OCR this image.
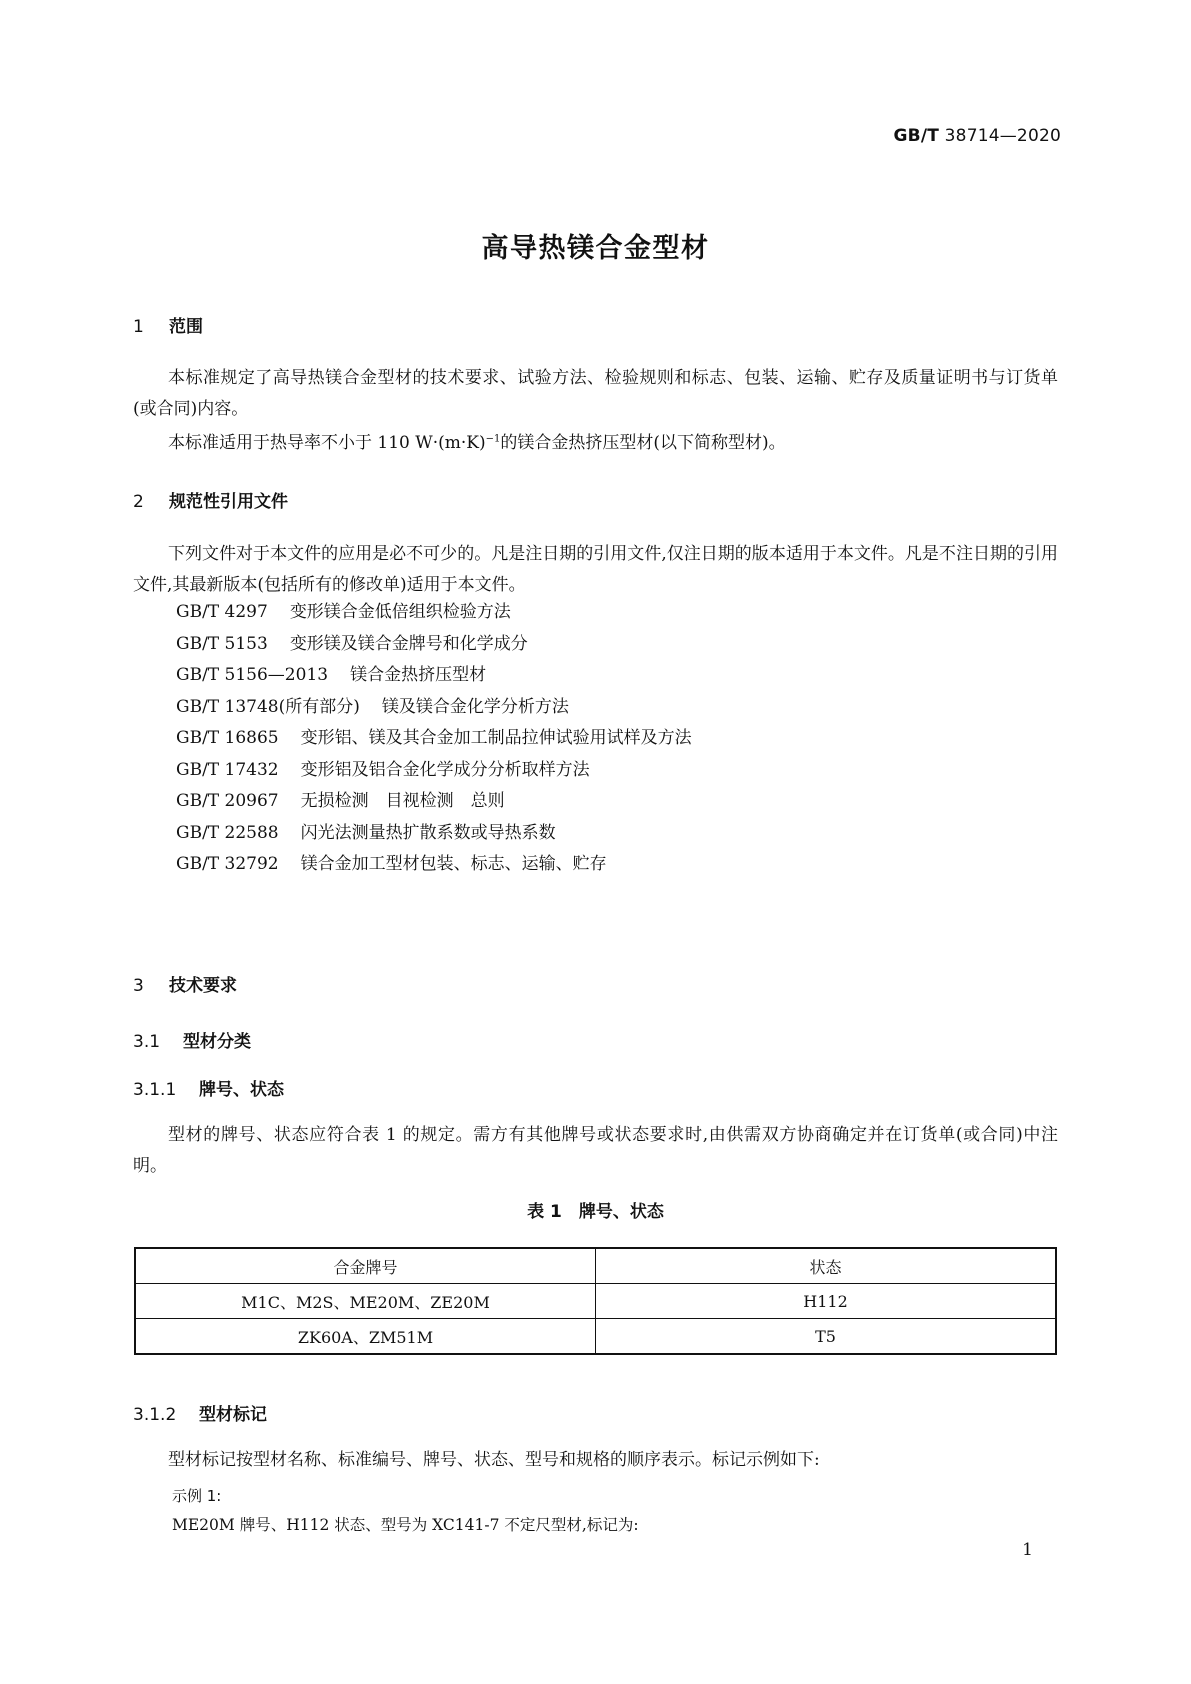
GB/T 38714—2020
高导热镁合金型材
1 范围
本标准规定了高导热镁合金型材的技术要求、试验方法、检验规则和标志、包装、运输、贮存及质量证明书与订货单(或合同)内容。
本标准适用于热导率不小于 110 $W\cdot(m\cdot K)^{-1}$的镁合金热挤压型材(以下简称型材)。
2 规范性引用文件
下列文件对于本文件的应用是必不可少的。凡是注日期的引用文件,仅注日期的版本适用于本文件。凡是不注日期的引用文件,其最新版本(包括所有的修改单)适用于本文件。
GB/T 4297 变形镁合金低倍组织检验方法
GB/T 5153 变形镁及镁合金牌号和化学成分
GB/T 5156—2013 镁合金热挤压型材
GB/T 13748(所有部分) 镁及镁合金化学分析方法
GB/T 16865 变形铝、镁及其合金加工制品拉伸试验用试样及方法
GB/T 17432 变形铝及铝合金化学成分分析取样方法
GB/T 20967 无损检测　目视检测　总则
GB/T 22588 闪光法测量热扩散系数或导热系数
GB/T 32792 镁合金加工型材包装、标志、运输、贮存
3 技术要求
3.1 型材分类
3.1.1 牌号、状态
型材的牌号、状态应符合表 1 的规定。需方有其他牌号或状态要求时,由供需双方协商确定并在订货单(或合同)中注明。
表 1　牌号、状态
合金牌号	状态
M1C、M2S、ME20M、ZE20M	H112
ZK60A、ZM51M	T5
3.1.2 型材标记
型材标记按型材名称、标准编号、牌号、状态、型号和规格的顺序表示。标记示例如下:
示例 1:
ME20M 牌号、H112 状态、型号为 XC141-7 不定尺型材,标记为:
1
